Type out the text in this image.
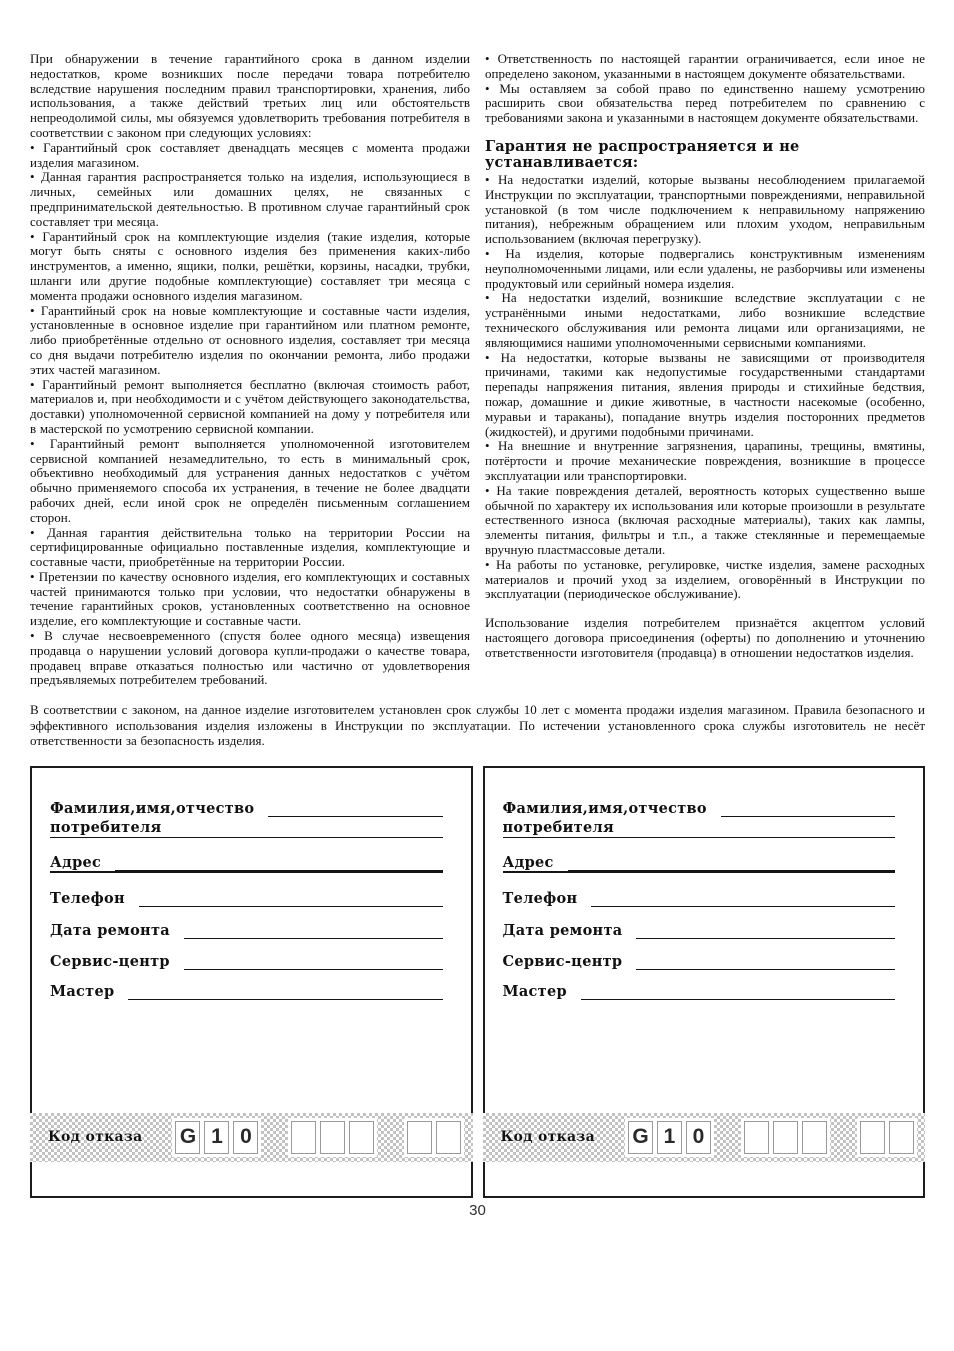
При обнаружении в течение гарантийного срока в данном изделии недостатков, кроме возникших после передачи товара потребителю вследствие нарушения последним правил транспортировки, хранения, либо использования, а также действий третьих лиц или обстоятельств непреодолимой силы, мы обязуемся удовлетворить требования потребителя в соответствии с законом при следующих условиях:

• Гарантийный срок составляет двенадцать месяцев с момента продажи изделия магазином.

• Данная гарантия распространяется только на изделия, использующиеся в личных, семейных или домашних целях, не связанных с предпринимательской деятельностью. В противном случае гарантийный срок составляет три месяца.

• Гарантийный срок на комплектующие изделия (такие изделия, которые могут быть сняты с основного изделия без применения каких-либо инструментов, а именно, ящики, полки, решётки, корзины, насадки, трубки, шланги или другие подобные комплектующие) составляет три месяца с момента продажи основного изделия магазином.

• Гарантийный срок на новые комплектующие и составные части изделия, установленные в основное изделие при гарантийном или платном ремонте, либо приобретённые отдельно от основного изделия, составляет три месяца со дня выдачи потребителю изделия по окончании ремонта, либо продажи этих частей магазином.

• Гарантийный ремонт выполняется бесплатно (включая стоимость работ, материалов и, при необходимости и с учётом действующего законодательства, доставки) уполномоченной сервисной компанией на дому у потребителя или в мастерской по усмотрению сервисной компании.

• Гарантийный ремонт выполняется уполномоченной изготовителем сервисной компанией незамедлительно, то есть в минимальный срок, объективно необходимый для устранения данных недостатков с учётом обычно применяемого способа их устранения, в течение не более двадцати рабочих дней, если иной срок не определён письменным соглашением сторон.

• Данная гарантия действительна только на территории России на сертифицированные официально поставленные изделия, комплектующие и составные части, приобретённые на территории России.

• Претензии по качеству основного изделия, его комплектующих и составных частей принимаются только при условии, что недостатки обнаружены в течение гарантийных сроков, установленных соответственно на основное изделие, его комплектующие и составные части.

• В случае несвоевременного (спустя более одного месяца) извещения продавца о нарушении условий договора купли-продажи о качестве товара, продавец вправе отказаться полностью или частично от удовлетворения предъявляемых потребителем требований.

• Ответственность по настоящей гарантии ограничивается, если иное не определено законом, указанными в настоящем документе обязательствами.

• Мы оставляем за собой право по единственно нашему усмотрению расширить свои обязательства перед потребителем по сравнению с требованиями закона и указанными в настоящем документе обязательствами.

Гарантия не распространяется и не устанавливается:

• На недостатки изделий, которые вызваны несоблюдением прилагаемой Инструкции по эксплуатации, транспортными повреждениями, неправильной установкой (в том числе подключением к неправильному напряжению питания), небрежным обращением или плохим уходом, неправильным использованием (включая перегрузку).

• На изделия, которые подвергались конструктивным изменениям неуполномоченными лицами, или если удалены, не разборчивы или изменены продуктовый или серийный номера изделия.

• На недостатки изделий, возникшие вследствие эксплуатации с не устранёнными иными недостатками, либо возникшие вследствие технического обслуживания или ремонта лицами или организациями, не являющимися нашими уполномоченными сервисными компаниями.

• На недостатки, которые вызваны не зависящими от производителя причинами, такими как недопустимые государственными стандартами перепады напряжения питания, явления природы и стихийные бедствия, пожар, домашние и дикие животные, в частности насекомые (особенно, муравьи и тараканы), попадание внутрь изделия посторонних предметов (жидкостей), и другими подобными причинами.

• На внешние и внутренние загрязнения, царапины, трещины, вмятины, потёртости и прочие механические повреждения, возникшие в процессе эксплуатации или транспортировки.

• На такие повреждения деталей, вероятность которых существенно выше обычной по характеру их использования или которые произошли в результате естественного износа (включая расходные материалы), таких как лампы, элементы питания, фильтры и т.п., а также стеклянные и перемещаемые вручную пластмассовые детали.

• На работы по установке, регулировке, чистке изделия, замене расходных материалов и прочий уход за изделием, оговорённый в Инструкции по эксплуатации (периодическое обслуживание).

Использование изделия потребителем признаётся акцептом условий настоящего договора присоединения (оферты) по дополнению и уточнению ответственности изготовителя (продавца) в отношении недостатков изделия.

В соответствии с законом, на данное изделие изготовителем установлен срок службы 10 лет с момента продажи изделия магазином. Правила безопасного и эффективного использования изделия изложены в Инструкции по эксплуатации. По истечении установленного срока службы изготовитель не несёт ответственности за безопасность изделия.

Фамилия,имя,отчество
потребителя
Адрес
Телефон
Дата ремонта
Сервис-центр
Мастер
Код отказа G 1 0
Фамилия,имя,отчество
потребителя
Адрес
Телефон
Дата ремонта
Сервис-центр
Мастер
Код отказа G 1 0
30
